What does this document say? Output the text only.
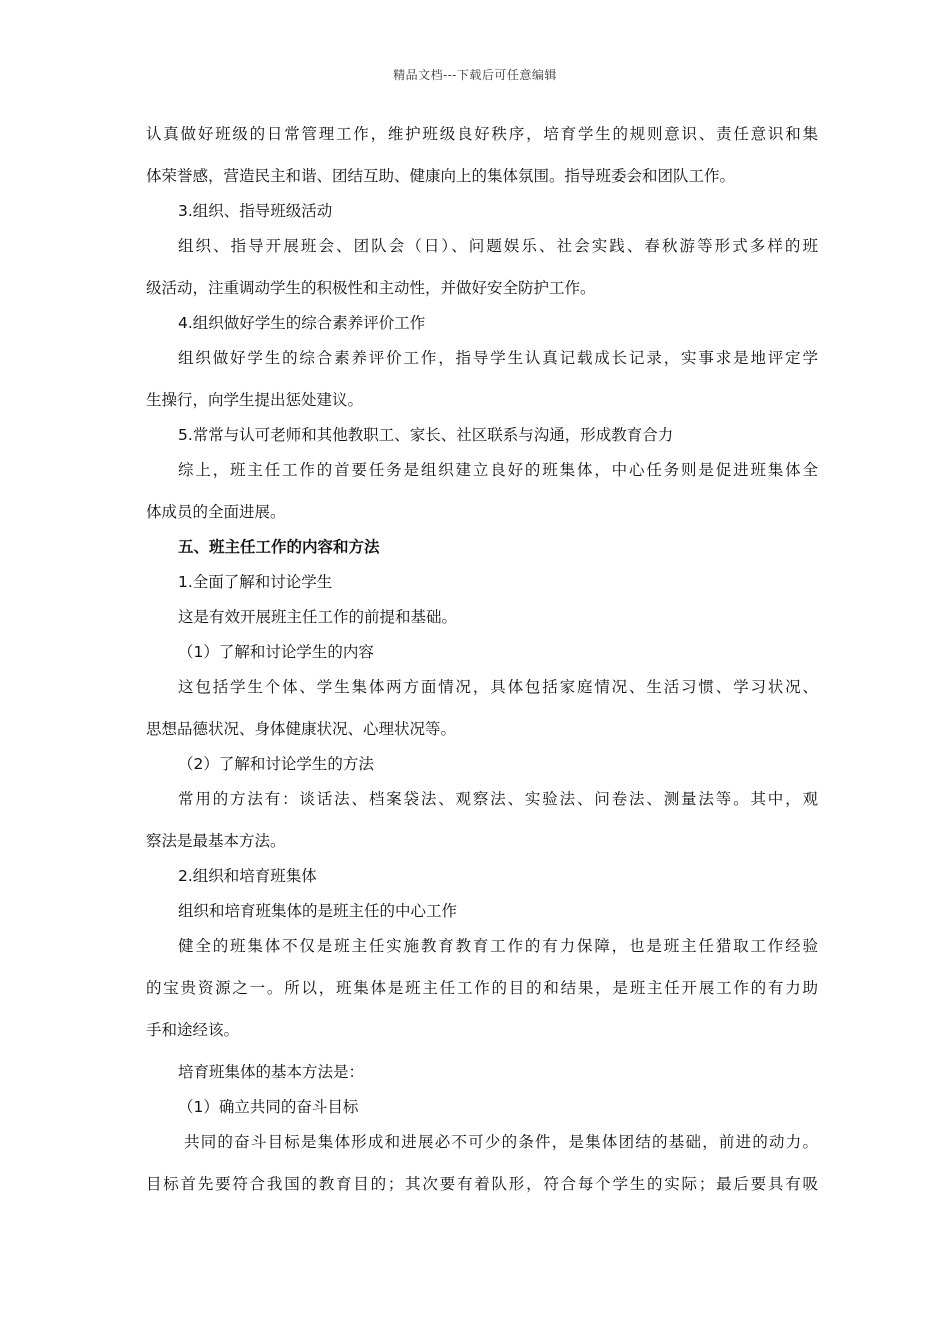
精品文档---下载后可任意编辑

认真做好班级的日常管理工作，维护班级良好秩序，培育学生的规则意识、责任意识和集

体荣誉感，营造民主和谐、团结互助、健康向上的集体氛围。指导班委会和团队工作。

3.组织、指导班级活动

组织、指导开展班会、团队会（日）、问题娱乐、社会实践、春秋游等形式多样的班

级活动，注重调动学生的积极性和主动性，并做好安全防护工作。

4.组织做好学生的综合素养评价工作

组织做好学生的综合素养评价工作，指导学生认真记载成长记录，实事求是地评定学

生操行，向学生提出惩处建议。

5.常常与认可老师和其他教职工、家长、社区联系与沟通，形成教育合力

综上，班主任工作的首要任务是组织建立良好的班集体，中心任务则是促进班集体全

体成员的全面进展。

五、班主任工作的内容和方法

1.全面了解和讨论学生

这是有效开展班主任工作的前提和基础。

（1）了解和讨论学生的内容

这包括学生个体、学生集体两方面情况，具体包括家庭情况、生活习惯、学习状况、

思想品德状况、身体健康状况、心理状况等。

（2）了解和讨论学生的方法

常用的方法有：谈话法、档案袋法、观察法、实验法、问卷法、测量法等。其中，观

察法是最基本方法。

2.组织和培育班集体

组织和培育班集体的是班主任的中心工作

健全的班集体不仅是班主任实施教育教育工作的有力保障，也是班主任猎取工作经验

的宝贵资源之一。所以，班集体是班主任工作的目的和结果，是班主任开展工作的有力助

手和途经该。

培育班集体的基本方法是：

（1）确立共同的奋斗目标

共同的奋斗目标是集体形成和进展必不可少的条件，是集体团结的基础，前进的动力。

目标首先要符合我国的教育目的；其次要有着队形，符合每个学生的实际；最后要具有吸
